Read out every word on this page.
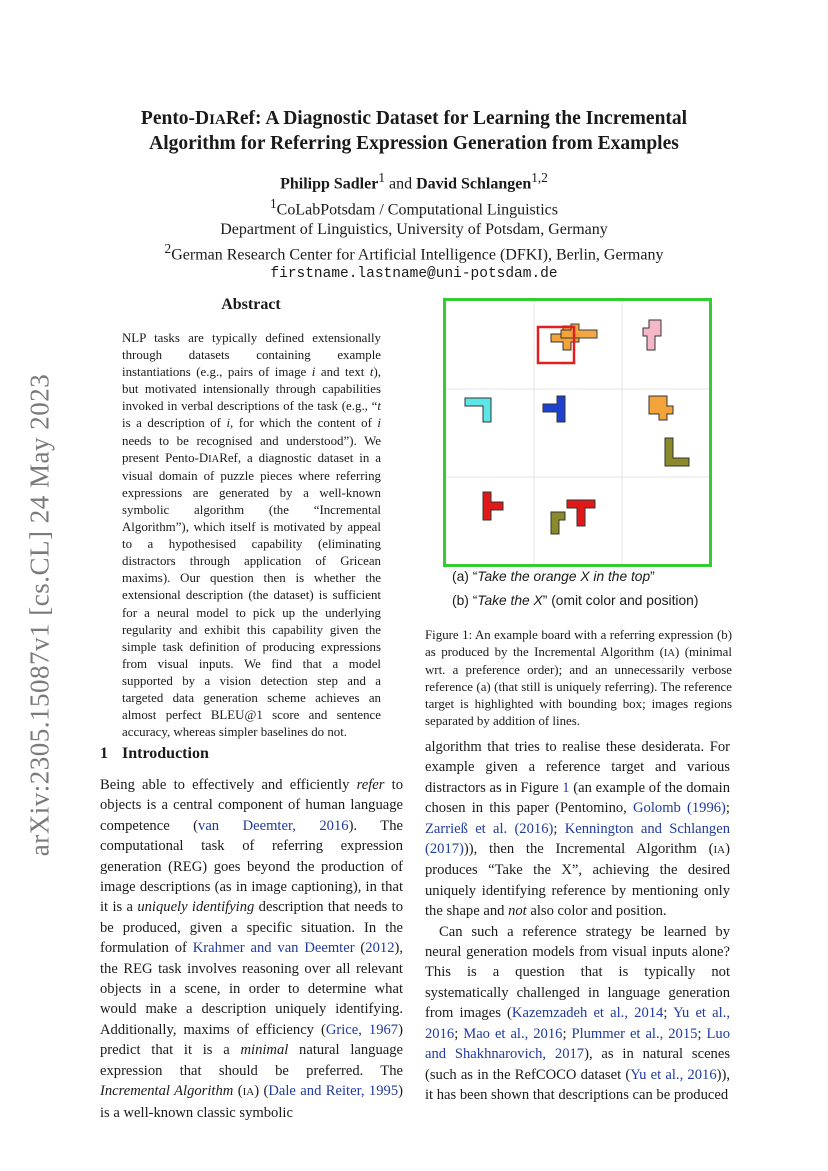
arXiv:2305.15087v1 [cs.CL] 24 May 2023
Pento-DIARef: A Diagnostic Dataset for Learning the Incremental
Algorithm for Referring Expression Generation from Examples
Philipp Sadler$^1$ and David Schlangen$^{1,2}$
$^1$CoLabPotsdam / Computational Linguistics
Department of Linguistics, University of Potsdam, Germany
$^2$German Research Center for Artificial Intelligence (DFKI), Berlin, Germany
firstname.lastname@uni-potsdam.de
Abstract
NLP tasks are typically defined extensionally through datasets containing example instantiations (e.g., pairs of image i and text t), but motivated intensionally through capabilities invoked in verbal descriptions of the task (e.g., “t is a description of i, for which the content of i needs to be recognised and understood”). We present Pento-DIARef, a diagnostic dataset in a visual domain of puzzle pieces where referring expressions are generated by a well-known symbolic algorithm (the “Incremental Algorithm”), which itself is motivated by appeal to a hypothesised capability (eliminating distractors through application of Gricean maxims). Our question then is whether the extensional description (the dataset) is sufficient for a neural model to pick up the underlying regularity and exhibit this capability given the simple task definition of producing expressions from visual inputs. We find that a model supported by a vision detection step and a targeted data generation scheme achieves an almost perfect BLEU@1 score and sentence accuracy, whereas simpler baselines do not.
(a) “Take the orange X in the top”
(b) “Take the X” (omit color and position)
Figure 1: An example board with a referring expression (b) as produced by the Incremental Algorithm (IA) (minimal wrt. a preference order); and an unnecessarily verbose reference (a) (that still is uniquely referring). The reference target is highlighted with bounding box; images regions separated by addition of lines.
1 Introduction
Being able to effectively and efficiently refer to objects is a central component of human language competence (van Deemter, 2016). The computational task of referring expression generation (REG) goes beyond the production of image descriptions (as in image captioning), in that it is a uniquely identifying description that needs to be produced, given a specific situation. In the formulation of Krahmer and van Deemter (2012), the REG task involves reasoning over all relevant objects in a scene, in order to determine what would make a description uniquely identifying. Additionally, maxims of efficiency (Grice, 1967) predict that it is a minimal natural language expression that should be preferred. The Incremental Algorithm (IA) (Dale and Reiter, 1995) is a well-known classic symbolic
algorithm that tries to realise these desiderata. For example given a reference target and various distractors as in Figure 1 (an example of the domain chosen in this paper (Pentomino, Golomb (1996); Zarrieß et al. (2016); Kennington and Schlangen (2017))), then the Incremental Algorithm (IA) produces “Take the X”, achieving the desired uniquely identifying reference by mentioning only the shape and not also color and position.
Can such a reference strategy be learned by neural generation models from visual inputs alone? This is a question that is typically not systematically challenged in language generation from images (Kazemzadeh et al., 2014; Yu et al., 2016; Mao et al., 2016; Plummer et al., 2015; Luo and Shakhnarovich, 2017), as in natural scenes (such as in the RefCOCO dataset (Yu et al., 2016)), it has been shown that descriptions can be produced
